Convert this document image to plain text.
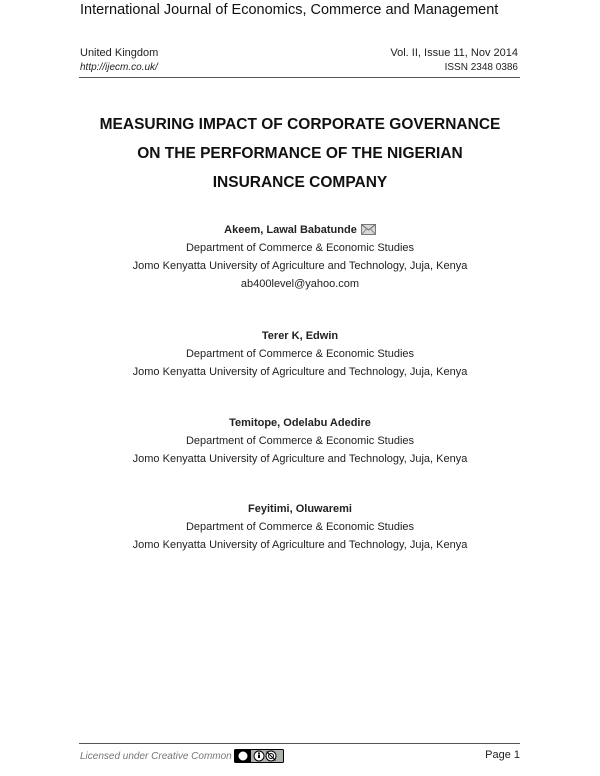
International Journal of Economics, Commerce and Management
United Kingdom	Vol. II, Issue 11, Nov 2014
http://ijecm.co.uk/	ISSN 2348 0386
MEASURING IMPACT OF CORPORATE GOVERNANCE
ON THE PERFORMANCE OF THE NIGERIAN
INSURANCE COMPANY
Akeem, Lawal Babatunde
Department of Commerce & Economic Studies
Jomo Kenyatta University of Agriculture and Technology, Juja, Kenya
ab400level@yahoo.com
Terer K, Edwin
Department of Commerce & Economic Studies
Jomo Kenyatta University of Agriculture and Technology, Juja, Kenya
Temitope, Odelabu Adedire
Department of Commerce & Economic Studies
Jomo Kenyatta University of Agriculture and Technology, Juja, Kenya
Feyitimi, Oluwaremi
Department of Commerce & Economic Studies
Jomo Kenyatta University of Agriculture and Technology, Juja, Kenya
Licensed under Creative Common	Page 1
